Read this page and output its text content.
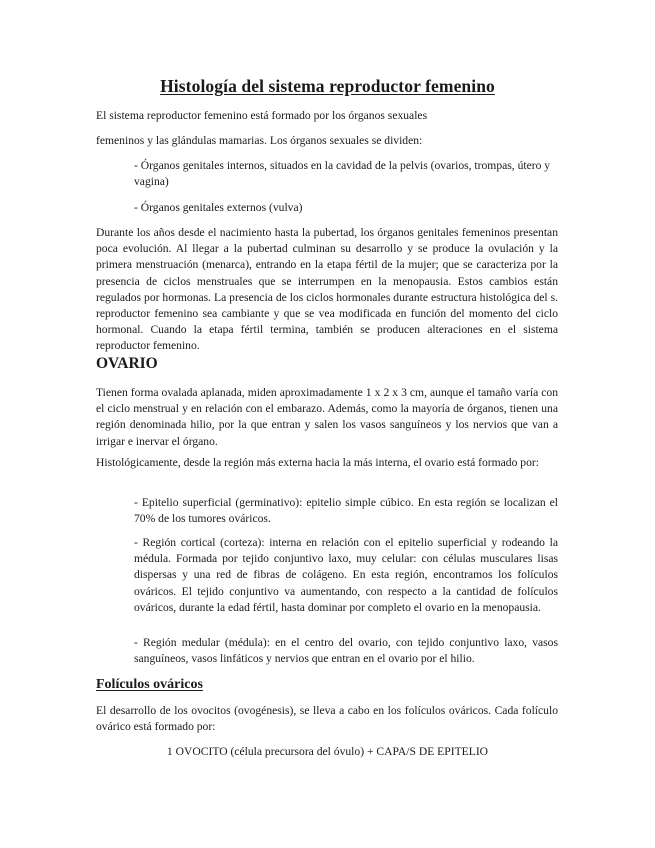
Histología del sistema reproductor femenino

El sistema reproductor femenino está formado por los órganos sexuales

femeninos y las glándulas mamarias. Los órganos sexuales se dividen:

- Órganos genitales internos, situados en la cavidad de la pelvis (ovarios, trompas, útero y vagina)

- Órganos genitales externos (vulva)

Durante los años desde el nacimiento hasta la pubertad, los órganos genitales femeninos presentan poca evolución. Al llegar a la pubertad culminan su desarrollo y se produce la ovulación y la primera menstruación (menarca), entrando en la etapa fértil de la mujer; que se caracteriza por la presencia de ciclos menstruales que se interrumpen en la menopausia. Estos cambios están regulados por hormonas. La presencia de los ciclos hormonales durante estructura histológica del s. reproductor femenino sea cambiante y que se vea modificada en función del momento del ciclo hormonal. Cuando la etapa fértil termina, también se producen alteraciones en el sistema reproductor femenino.

OVARIO

Tienen forma ovalada aplanada, miden aproximadamente 1 x 2 x 3 cm, aunque el tamaño varía con el ciclo menstrual y en relación con el embarazo. Además, como la mayoría de órganos, tienen una región denominada hilio, por la que entran y salen los vasos sanguíneos y los nervios que van a irrigar e inervar el órgano.

Histológicamente, desde la región más externa hacia la más interna, el ovario está formado por:

- Epitelio superficial (germinativo): epitelio simple cúbico. En esta región se localizan el 70% de los tumores ováricos.

- Región cortical (corteza): interna en relación con el epitelio superficial y rodeando la médula. Formada por tejido conjuntivo laxo, muy celular: con células musculares lisas dispersas y una red de fibras de colágeno. En esta región, encontramos los folículos ováricos. El tejido conjuntivo va aumentando, con respecto a la cantidad de folículos ováricos, durante la edad fértil, hasta dominar por completo el ovario en la menopausia.

- Región medular (médula): en el centro del ovario, con tejido conjuntivo laxo, vasos sanguíneos, vasos linfáticos y nervios que entran en el ovario por el hilio.

Folículos ováricos

El desarrollo de los ovocitos (ovogénesis), se lleva a cabo en los folículos ováricos. Cada folículo ovárico está formado por:

1 OVOCITO (célula precursora del óvulo) + CAPA/S DE EPITELIO
